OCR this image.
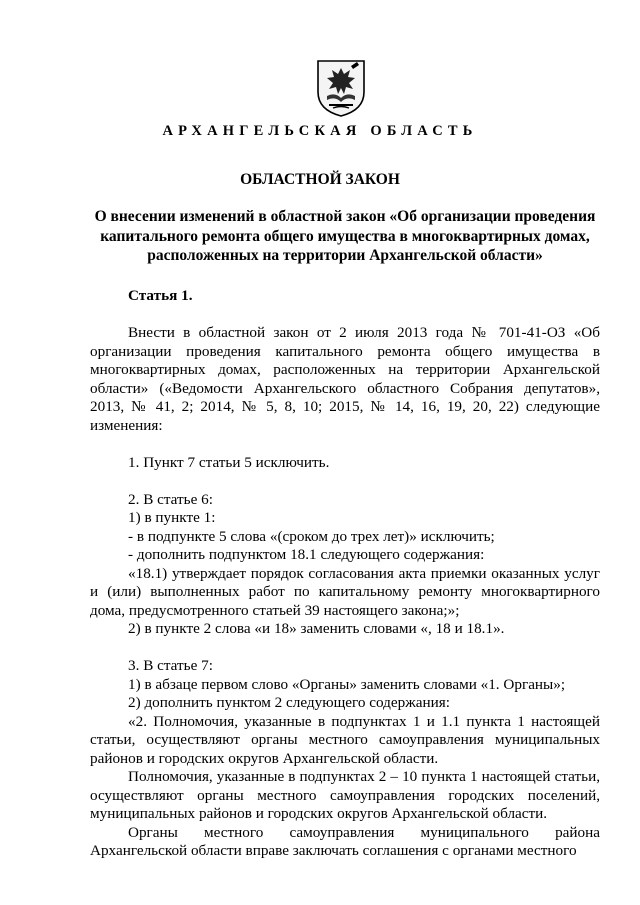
АРХАНГЕЛЬСКАЯ ОБЛАСТЬ
ОБЛАСТНОЙ ЗАКОН
О внесении изменений в областной закон «Об организации проведения капитального ремонта общего имущества в многоквартирных домах, расположенных на территории Архангельской области»

Статья 1.

Внести в областной закон от 2 июля 2013 года № 701-41-ОЗ «Об организации проведения капитального ремонта общего имущества в многоквартирных домах, расположенных на территории Архангельской области» («Ведомости Архангельского областного Собрания депутатов», 2013, № 41, 2; 2014, № 5, 8, 10; 2015, № 14, 16, 19, 20, 22) следующие изменения:

1. Пункт 7 статьи 5 исключить.

2. В статье 6:

1) в пункте 1:

- в подпункте 5 слова «(сроком до трех лет)» исключить;

- дополнить подпунктом 18.1 следующего содержания:

«18.1) утверждает порядок согласования акта приемки оказанных услуг и (или) выполненных работ по капитальному ремонту многоквартирного дома, предусмотренного статьей 39 настоящего закона;»;

2) в пункте 2 слова «и 18» заменить словами «, 18 и 18.1».

3. В статье 7:

1) в абзаце первом слово «Органы» заменить словами «1. Органы»;

2) дополнить пунктом 2 следующего содержания:

«2. Полномочия, указанные в подпунктах 1 и 1.1 пункта 1 настоящей статьи, осуществляют органы местного самоуправления муниципальных районов и городских округов Архангельской области.

Полномочия, указанные в подпунктах 2 – 10 пункта 1 настоящей статьи, осуществляют органы местного самоуправления городских поселений, муниципальных районов и городских округов Архангельской области.

Органы местного самоуправления муниципального района Архангельской области вправе заключать соглашения с органами местного
